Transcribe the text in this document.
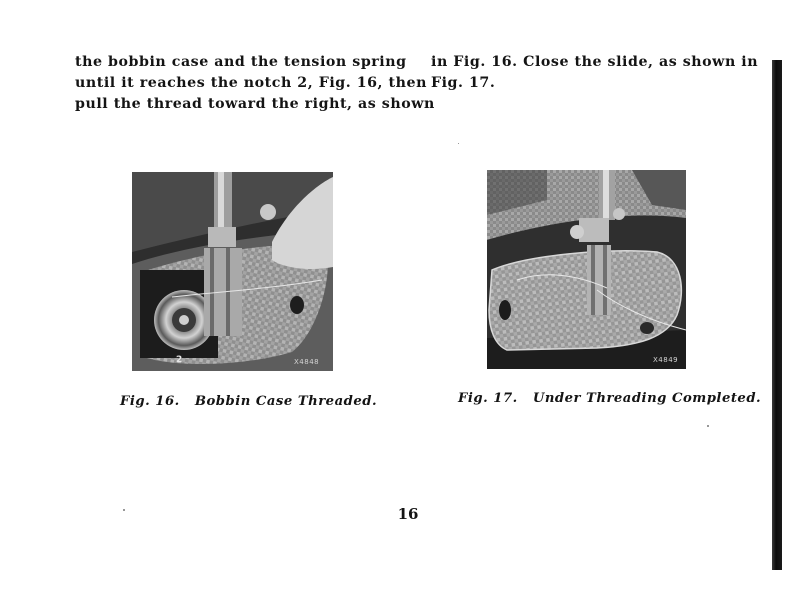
the bobbin case and the tension spring

until it reaches the notch 2, Fig. 16, then

pull the thread toward the right, as shown

in Fig. 16. Close the slide, as shown in

Fig. 17.

2	X4848	X4849
Fig. 16. Bobbin Case Threaded.	Fig. 17. Under Threading Completed.
16
